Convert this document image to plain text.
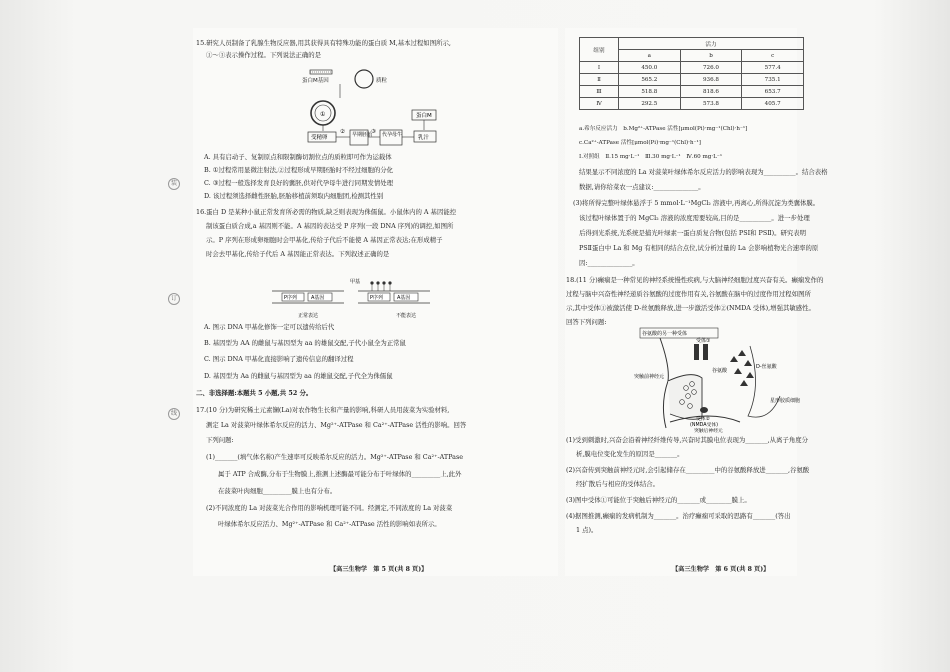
装
订
线
15.研究人员制备了乳腺生物反应器,用其获得具有特殊功能的蛋白质 M,基本过程如图所示,
①～③表示操作过程。下列说法正确的是
蛋白M基因	质粒
①
受精卵
② 早期胚胎
③ 代孕母牛	乳汁
蛋白M
A. 具有启动子、复制原点和限制酶切割位点的质粒即可作为运载体
B. ①过程常用显微注射法,②过程形成早期胚胎时不经过细胞的分化
C. ③过程一般选择发育良好的囊胚,供对代孕母牛进行同期发情处理
D. 该过程须选择雌性胚胎,胚胎移植前须取内细胞团,检测其性别
16.蛋白 D 是某种小鼠正常发育所必需的物质,缺乏则表现为侏儒鼠。小鼠体内的 A 基因能控
制该蛋白质合成,a 基因则不能。A 基因的表达受 P 序列(一段 DNA 序列)的调控,如图所
示。P 序列在形成卵细胞时会甲基化,传给子代后不能使 A 基因正常表达;在形成精子
时会去甲基化,传给子代后 A 基因能正常表达。下列叙述正确的是
P序列	A基因
正常表达
P序列	A基因
甲基
不能表达
A. 图示 DNA 甲基化修饰一定可以遗传给后代
B. 基因型为 AA 的雌鼠与基因型为 aa 的雄鼠交配,子代小鼠全为正常鼠
C. 图示 DNA 甲基化直接影响了遗传信息的翻译过程
D. 基因型为 Aa 的雌鼠与基因型为 aa 的雄鼠交配,子代全为侏儒鼠
二、非选择题:本题共 5 小题,共 52 分。
17.(10 分)为研究稀土元素镧(La)对农作物生长和产量的影响,科研人员用菠菜为实验材料,
测定 La 对菠菜叶绿体希尔反应的活力、Mg²⁺-ATPase 和 Ca²⁺-ATPase 活性的影响。回答
下列问题:
(1)_______(填气体名称)产生速率可反映希尔反应的活力。Mg²⁺-ATPase 和 Ca²⁺-ATPase
属于 ATP 合成酶,分布于生物膜上,推测上述酶最可能分布于叶绿体的_________上,此外
在菠菜叶肉细胞_________膜上也有分布。
(2)不同浓度的 La 对菠菜光合作用的影响机理可能不同。经测定,不同浓度的 La 对菠菜
叶绿体希尔反应活力、Mg²⁺-ATPase 和 Ca²⁺-ATPase 活性的影响如表所示。
【高三生物学　第 5 页(共 8 页)】
组别	活力		
	a	b	c
Ⅰ	450.0	726.0	577.4
Ⅱ	565.2	936.8	735.1
Ⅲ	518.8	818.6	653.7
Ⅳ	292.5	573.8	405.7
a.希尔反应活力　b.Mg²⁺-ATPase 活性[μmol(Pi)·mg⁻¹(Chl)·h⁻¹]
c.Ca²⁺-ATPase 活性[μmol(Pi)·mg⁻¹(Chl)·h⁻¹]
Ⅰ.对照组　Ⅱ.15 mg·L⁻¹　Ⅲ.30 mg·L⁻¹　Ⅳ.60 mg·L⁻¹
结果显示不同浓度的 La 对菠菜叶绿体希尔反应活力的影响表现为__________。结合表格
数据,请你给菜农一点建议:______________。
(3)将所得完整叶绿体悬浮于 5 mmol·L⁻¹MgCl₂ 溶液中,再离心,所得沉淀为类囊体膜。
该过程叶绿体置于的 MgCl₂ 溶液的浓度需要较高,目的是__________。进一步处理
后得到光系统,光系统是捕光叶绿素一蛋白质复合物(包括 PSⅠ和 PSⅡ)。研究表明
PSⅡ蛋白中 La 和 Mg 有相同的结合点位,试分析过量的 La 会影响植物光合速率的原
因:______________。
18.(11 分)癫痫是一种常见的神经系统慢性疾病,与大脑神经细胞过度兴奋有关。癫痫发作的
过程与脑中兴奋性神经递质谷氨酸的过度作用有关,谷氨酸在脑中的过度作用过程如图所
示,其中受体①被激活使 D-丝氨酸释放,进一步激活受体②(NMDA 受体),增强其敏感性。
回答下列问题:
谷氨酸的另一种受体
突触前神经元
受体①
谷氨酸
D-丝氨酸
星形胶质细胞
受体②
(NMDA受体)
突触后神经元
(1)受到刺激时,兴奋会沿着神经纤维传导,兴奋时其膜电位表现为_______,从离子角度分
析,膜电位变化发生的原因是_______。
(2)兴奋传到突触前神经元时,会引起储存在_________中的谷氨酸释放进_______,谷氨酸
经扩散后与相应的受体结合。
(3)图中受体①可能位于突触后神经元的_______或________膜上。
(4)据图推测,癫痫的发病机制为_______。治疗癫痫可采取的思路有_______(答出
1 点)。
【高三生物学　第 6 页(共 8 页)】
